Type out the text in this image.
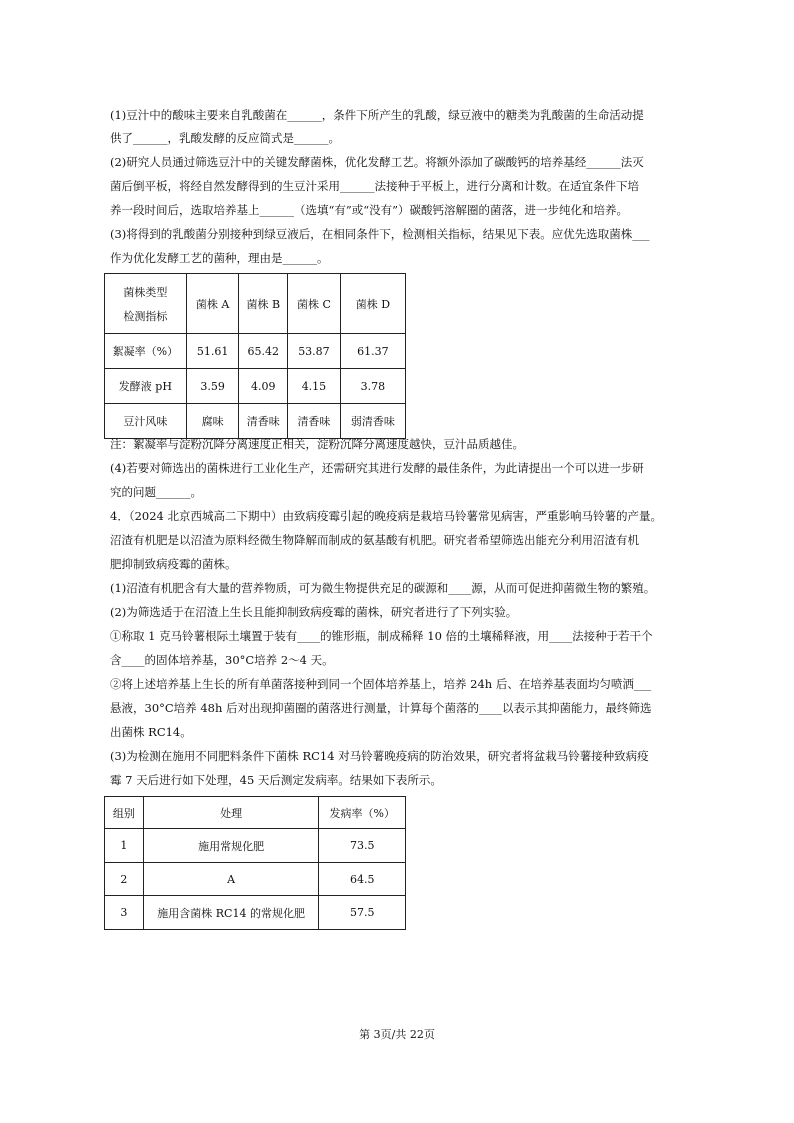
(1)豆汁中的酸味主要来自乳酸菌在______，条件下所产生的乳酸，绿豆液中的糖类为乳酸菌的生命活动提
供了______，乳酸发酵的反应简式是______。
(2)研究人员通过筛选豆汁中的关键发酵菌株，优化发酵工艺。将额外添加了碳酸钙的培养基经______法灭
菌后倒平板，将经自然发酵得到的生豆汁采用______法接种于平板上，进行分离和计数。在适宜条件下培
养一段时间后，选取培养基上______（选填“有”或“没有”）碳酸钙溶解圈的菌落，进一步纯化和培养。
(3)将得到的乳酸菌分别接种到绿豆液后，在相同条件下，检测相关指标，结果见下表。应优先选取菌株___
作为优化发酵工艺的菌种，理由是______。
菌株类型
检测指标	菌株 A	菌株 B	菌株 C	菌株 D
絮凝率（%）	51.61	65.42	53.87	61.37
发酵液 pH	3.59	4.09	4.15	3.78
豆汁风味	腐味	清香味	清香味	弱清香味
注：絮凝率与淀粉沉降分离速度正相关，淀粉沉降分离速度越快，豆汁品质越佳。
(4)若要对筛选出的菌株进行工业化生产，还需研究其进行发酵的最佳条件，为此请提出一个可以进一步研
究的问题______。
4．（2024 北京西城高二下期中）由致病疫霉引起的晚疫病是栽培马铃薯常见病害，严重影响马铃薯的产量。
沼渣有机肥是以沼渣为原料经微生物降解而制成的氨基酸有机肥。研究者希望筛选出能充分利用沼渣有机
肥抑制致病疫霉的菌株。
(1)沼渣有机肥含有大量的营养物质，可为微生物提供充足的碳源和____源，从而可促进抑菌微生物的繁殖。
(2)为筛选适于在沼渣上生长且能抑制致病疫霉的菌株，研究者进行了下列实验。
①称取 1 克马铃薯根际土壤置于装有____的锥形瓶，制成稀释 10 倍的土壤稀释液，用____法接种于若干个
含____的固体培养基，30°C培养 2～4 天。
②将上述培养基上生长的所有单菌落接种到同一个固体培养基上，培养 24h 后、在培养基表面均匀喷洒___
悬液，30°C培养 48h 后对出现抑菌圈的菌落进行测量，计算每个菌落的____以表示其抑菌能力，最终筛选
出菌株 RC14。
(3)为检测在施用不同肥料条件下菌株 RC14 对马铃薯晚疫病的防治效果，研究者将盆栽马铃薯接种致病疫
霉 7 天后进行如下处理，45 天后测定发病率。结果如下表所示。
组别	处理	发病率（%）
1	施用常规化肥	73.5
2	A	64.5
3	施用含菌株 RC14 的常规化肥	57.5
第 3页/共 22页
